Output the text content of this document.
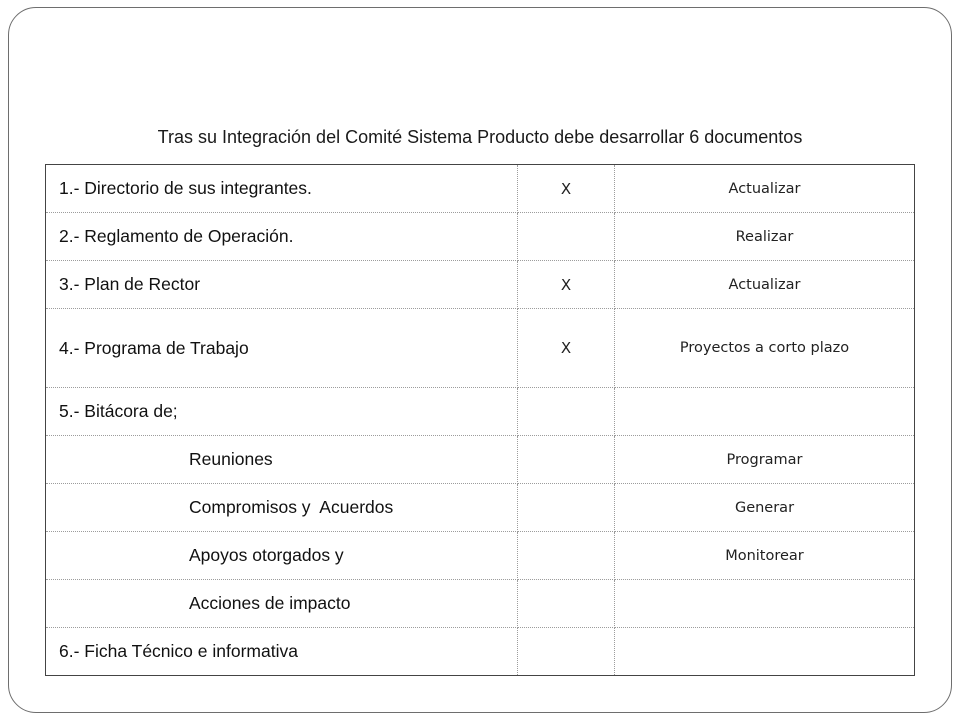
Tras su Integración del Comité Sistema Producto debe desarrollar 6 documentos
1.- Directorio de sus integrantes.	X	Actualizar
2.- Reglamento de Operación.		Realizar
3.- Plan de Rector	X	Actualizar
4.- Programa de Trabajo	X	Proyectos a corto plazo
5.- Bitácora de;		
Reuniones		Programar
Compromisos y  Acuerdos		Generar
Apoyos otorgados y		Monitorear
Acciones de impacto		
6.- Ficha Técnico e informativa		
